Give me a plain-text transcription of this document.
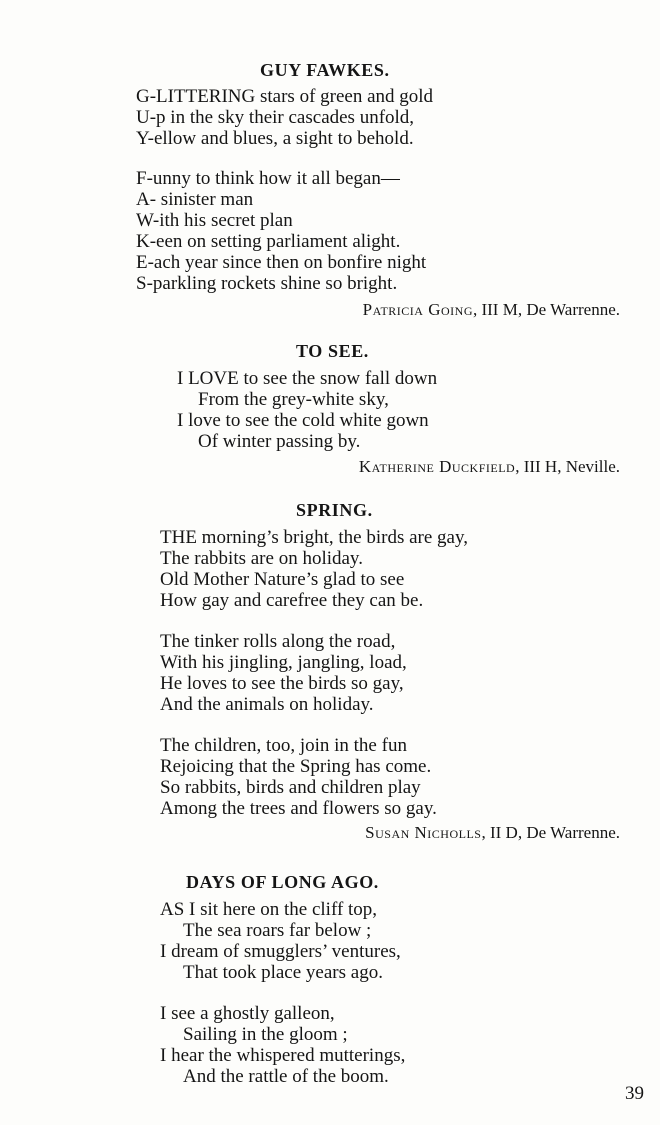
GUY FAWKES.
G-LITTERING stars of green and gold
U-p in the sky their cascades unfold,
Y-ellow and blues, a sight to behold.
F-unny to think how it all began—
A- sinister man
W-ith his secret plan
K-een on setting parliament alight.
E-ach year since then on bonfire night
S-parkling rockets shine so bright.
Patricia Going, III M, De Warrenne.
TO SEE.
I LOVE to see the snow fall down
From the grey-white sky,
I love to see the cold white gown
Of winter passing by.
Katherine Duckfield, III H, Neville.
SPRING.
THE morning’s bright, the birds are gay,
The rabbits are on holiday.
Old Mother Nature’s glad to see
How gay and carefree they can be.
The tinker rolls along the road,
With his jingling, jangling, load,
He loves to see the birds so gay,
And the animals on holiday.
The children, too, join in the fun
Rejoicing that the Spring has come.
So rabbits, birds and children play
Among the trees and flowers so gay.
Susan Nicholls, II D, De Warrenne.
DAYS OF LONG AGO.
AS I sit here on the cliff top,
The sea roars far below ;
I dream of smugglers’ ventures,
That took place years ago.
I see a ghostly galleon,
Sailing in the gloom ;
I hear the whispered mutterings,
And the rattle of the boom.
39
